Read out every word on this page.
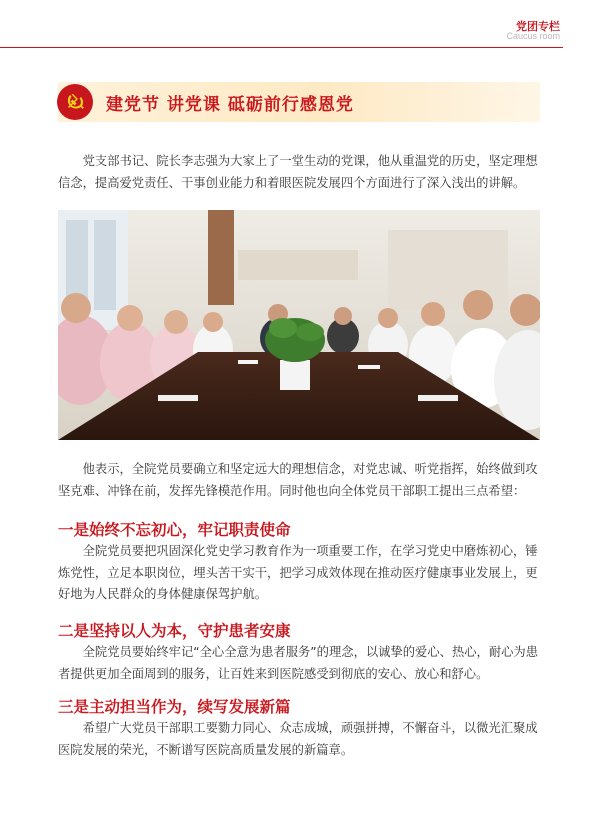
党团专栏
Caucus room
建党节 讲党课 砥砺前行感恩党

党支部书记、院长李志强为大家上了一堂生动的党课，他从重温党的历史，坚定理想信念，提高爱党责任、干事创业能力和着眼医院发展四个方面进行了深入浅出的讲解。

他表示，全院党员要确立和坚定远大的理想信念，对党忠诚、听党指挥，始终做到攻坚克难、冲锋在前，发挥先锋模范作用。同时他也向全体党员干部职工提出三点希望：

一是始终不忘初心，牢记职责使命

全院党员要把巩固深化党史学习教育作为一项重要工作，在学习党史中磨炼初心，锤炼党性，立足本职岗位，埋头苦干实干，把学习成效体现在推动医疗健康事业发展上，更好地为人民群众的身体健康保驾护航。

二是坚持以人为本，守护患者安康

全院党员要始终牢记“全心全意为患者服务”的理念，以诚挚的爱心、热心，耐心为患者提供更加全面周到的服务，让百姓来到医院感受到彻底的安心、放心和舒心。

三是主动担当作为，续写发展新篇

希望广大党员干部职工要勠力同心、众志成城，顽强拼搏，不懈奋斗，以微光汇聚成医院发展的荣光，不断谱写医院高质量发展的新篇章。
